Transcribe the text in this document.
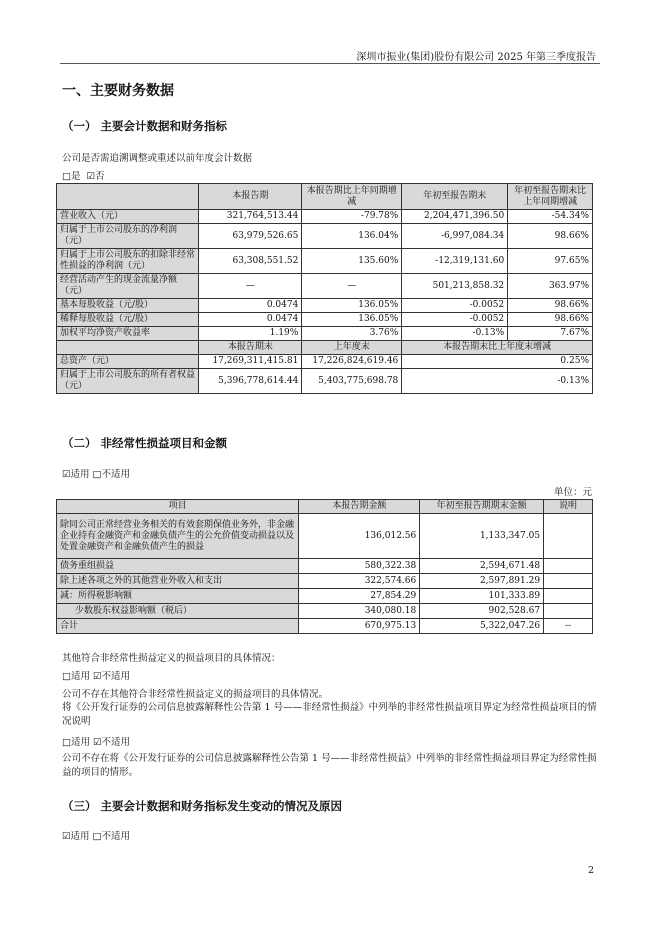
深圳市振业(集团)股份有限公司 2025 年第三季度报告
一、主要财务数据
（一） 主要会计数据和财务指标
公司是否需追溯调整或重述以前年度会计数据
□是 ☑否
	本报告期	本报告期比上年同期增减	年初至报告期末	年初至报告期末比上年同期增减
营业收入（元）	321,764,513.44	-79.78%	2,204,471,396.50	-54.34%
归属于上市公司股东的净利润（元）	63,979,526.65	136.04%	-6,997,084.34	98.66%
归属于上市公司股东的扣除非经常性损益的净利润（元）	63,308,551.52	135.60%	-12,319,131.60	97.65%
经营活动产生的现金流量净额（元）	—	—	501,213,858.32	363.97%
基本每股收益（元/股）	0.0474	136.05%	-0.0052	98.66%
稀释每股收益（元/股）	0.0474	136.05%	-0.0052	98.66%
加权平均净资产收益率	1.19%	3.76%	-0.13%	7.67%
	本报告期末	上年度末	本报告期末比上年度末增减	
总资产（元）	17,269,311,415.81	17,226,824,619.46	0.25%	
归属于上市公司股东的所有者权益（元）	5,396,778,614.44	5,403,775,698.78	-0.13%	
（二） 非经常性损益项目和金额
☑适用 □不适用
单位：元
项目	本报告期金额	年初至报告期期末金额	说明
除同公司正常经营业务相关的有效套期保值业务外，非金融企业持有金融资产和金融负债产生的公允价值变动损益以及处置金融资产和金融负债产生的损益	136,012.56	1,133,347.05	
债务重组损益	580,322.38	2,594,671.48	
除上述各项之外的其他营业外收入和支出	322,574.66	2,597,891.29	
减：所得税影响额	27,854.29	101,333.89	
少数股东权益影响额（税后）	340,080.18	902,528.67	
合计	670,975.13	5,322,047.26	--
其他符合非经常性损益定义的损益项目的具体情况：
□适用 ☑不适用
公司不存在其他符合非经常性损益定义的损益项目的具体情况。
将《公开发行证券的公司信息披露解释性公告第 1 号——非经常性损益》中列举的非经常性损益项目界定为经常性损益项目的情况说明
□适用 ☑不适用
公司不存在将《公开发行证券的公司信息披露解释性公告第 1 号——非经常性损益》中列举的非经常性损益项目界定为经常性损益的项目的情形。
（三） 主要会计数据和财务指标发生变动的情况及原因
☑适用 □不适用
2
